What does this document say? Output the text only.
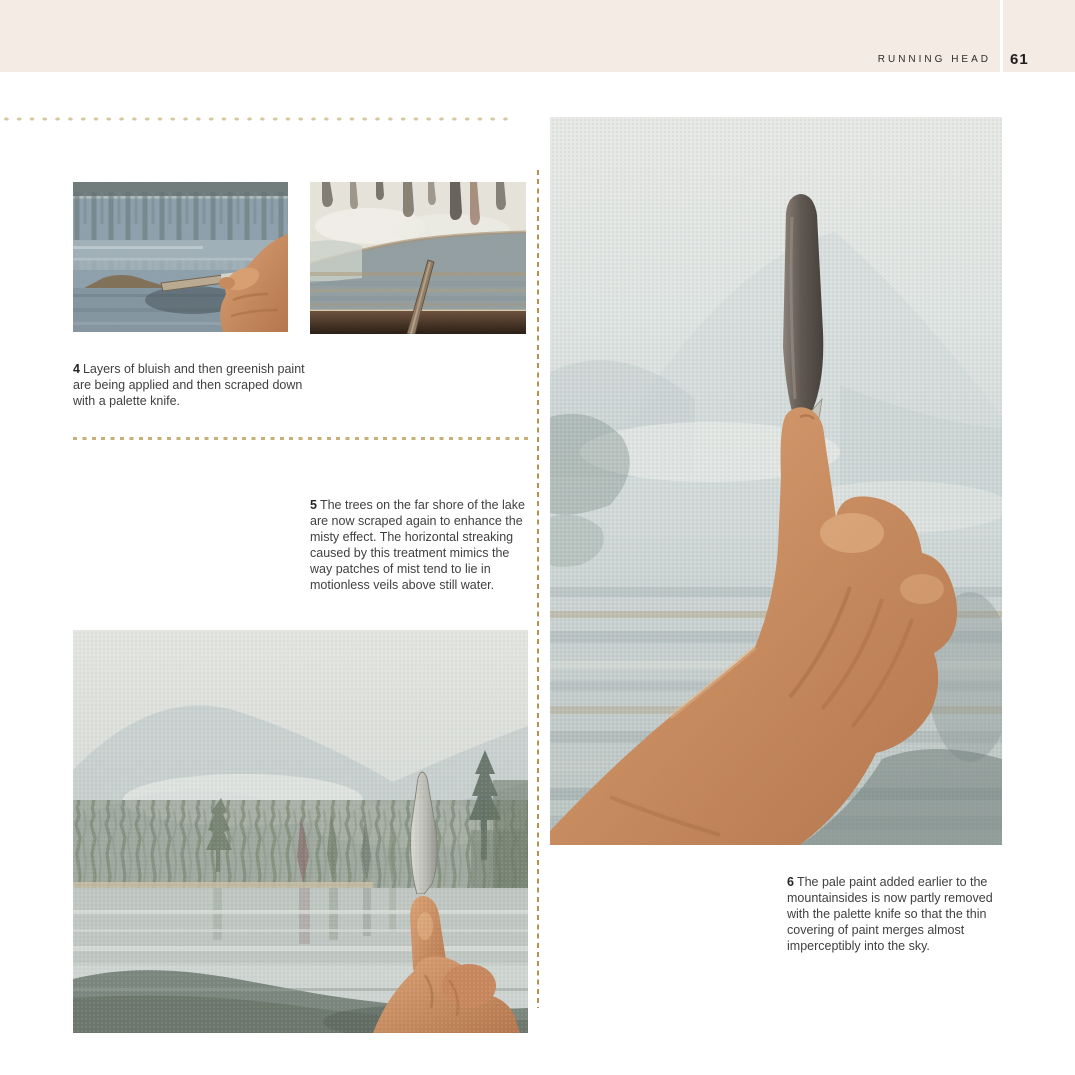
RUNNING HEAD 61

4 Layers of bluish and then greenish paint are being applied and then scraped down with a palette knife.

5 The trees on the far shore of the lake are now scraped again to enhance the misty effect. The horizontal streaking caused by this treatment mimics the way patches of mist tend to lie in motionless veils above still water.

6 The pale paint added earlier to the mountainsides is now partly removed with the palette knife so that the thin covering of paint merges almost imperceptibly into the sky.
